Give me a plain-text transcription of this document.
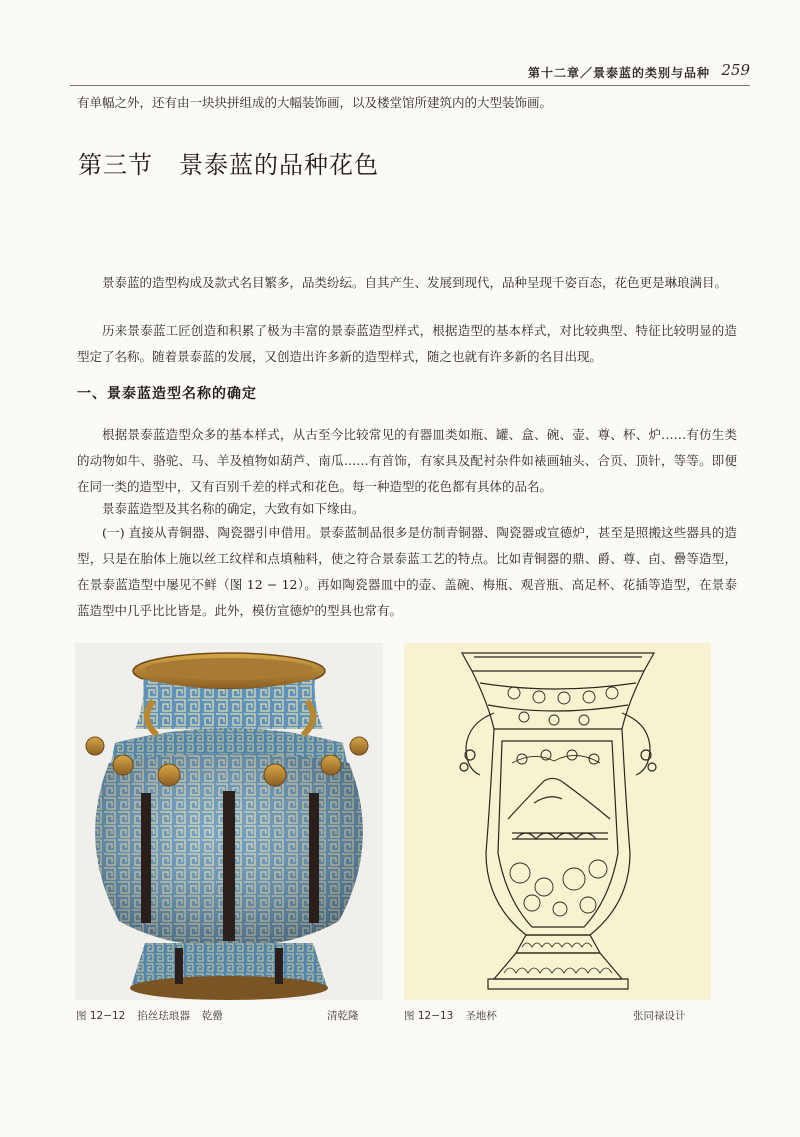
第十二章／景泰蓝的类别与品种 259
有单幅之外，还有由一块块拼组成的大幅装饰画，以及楼堂馆所建筑内的大型装饰画。
第三节 景泰蓝的品种花色
景泰蓝的造型构成及款式名目繁多，品类纷纭。自其产生、发展到现代，品种呈现千姿百态，花色更是琳琅满目。
历来景泰蓝工匠创造和积累了极为丰富的景泰蓝造型样式，根据造型的基本样式，对比较典型、特征比较明显的造型定了名称。随着景泰蓝的发展，又创造出许多新的造型样式，随之也就有许多新的名目出现。
一、景泰蓝造型名称的确定
根据景泰蓝造型众多的基本样式，从古至今比较常见的有器皿类如瓶、罐、盒、碗、壶、尊、杯、炉……有仿生类的动物如牛、骆驼、马、羊及植物如葫芦、南瓜……有首饰，有家具及配衬杂件如裱画轴头、合页、顶针，等等。即便在同一类的造型中，又有百别千差的样式和花色。每一种造型的花色都有具体的品名。
景泰蓝造型及其名称的确定，大致有如下缘由。
(一) 直接从青铜器、陶瓷器引申借用。景泰蓝制品很多是仿制青铜器、陶瓷器或宣德炉，甚至是照搬这些器具的造型，只是在胎体上施以丝工纹样和点填釉料，使之符合景泰蓝工艺的特点。比如青铜器的鼎、爵、尊、卣、罍等造型，在景泰蓝造型中屡见不鲜（图 12 − 12）。再如陶瓷器皿中的壶、盖碗、梅瓶、观音瓶、高足杯、花插等造型，在景泰蓝造型中几乎比比皆是。此外，模仿宣德炉的型具也常有。
图 12−12 掐丝珐琅器 乾罍	清乾隆	图 12−13 圣地杯	张同禄设计
